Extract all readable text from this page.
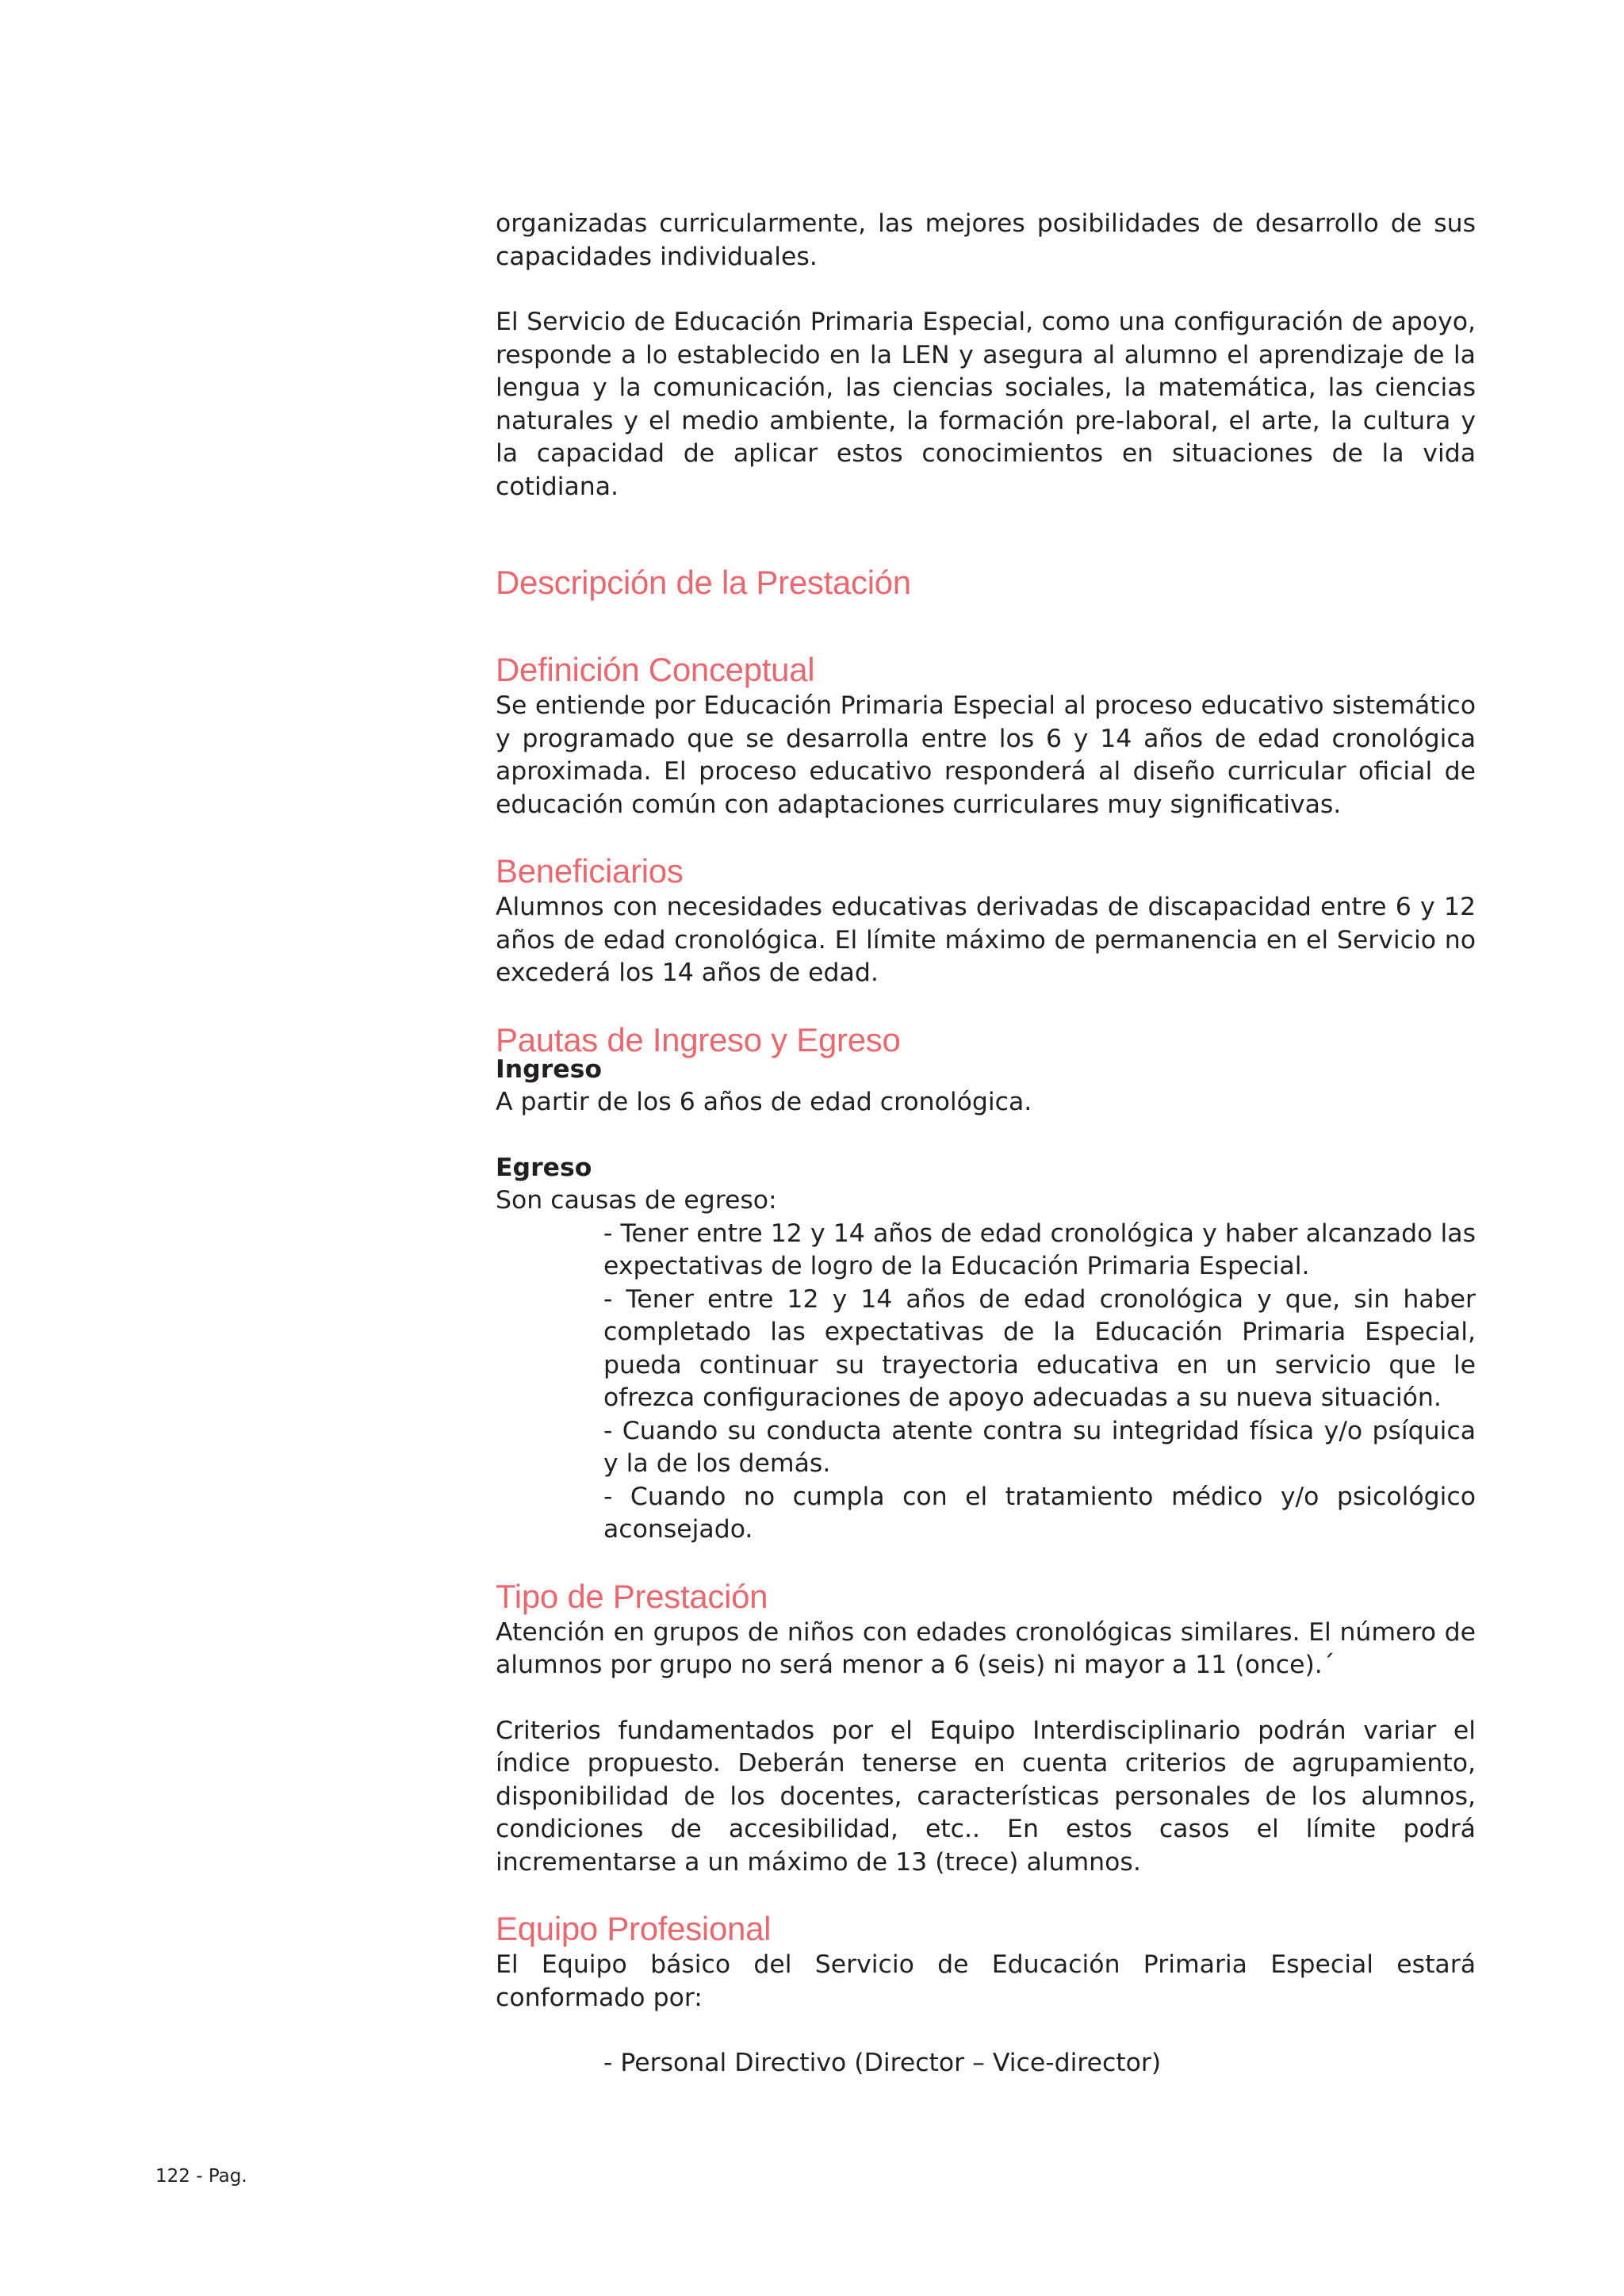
organizadas curricularmente, las mejores posibilidades de desarrollo de sus capacidades individuales.

El Servicio de Educación Primaria Especial, como una configuración de apoyo, responde a lo establecido en la LEN y asegura al alumno el aprendizaje de la lengua y la comunicación, las ciencias sociales, la matemática, las ciencias naturales y el medio ambiente, la formación pre-laboral, el arte, la cultura y la capacidad de aplicar estos conocimientos en situaciones de la vida cotidiana.

Descripción de la Prestación
Definición Conceptual

Se entiende por Educación Primaria Especial al proceso educativo sistemático y programado que se desarrolla entre los 6 y 14 años de edad cronológica aproximada. El proceso educativo responderá al diseño curricular oficial de educación común con adaptaciones curriculares muy significativas.

Beneficiarios

Alumnos con necesidades educativas derivadas de discapacidad entre 6 y 12 años de edad cronológica. El límite máximo de permanencia en el Servicio no excederá los 14 años de edad.

Pautas de Ingreso y Egreso
Ingreso

A partir de los 6 años de edad cronológica.

Egreso

Son causas de egreso:

- Tener entre 12 y 14 años de edad cronológica y haber alcanzado las expectativas de logro de la Educación Primaria Especial.

- Tener entre 12 y 14 años de edad cronológica y que, sin haber completado las expectativas de la Educación Primaria Especial, pueda continuar su trayectoria educativa en un servicio que le ofrezca configuraciones de apoyo adecuadas a su nueva situación.

- Cuando su conducta atente contra su integridad física y/o psíquica y la de los demás.

- Cuando no cumpla con el tratamiento médico y/o psicológico aconsejado.

Tipo de Prestación

Atención en grupos de niños con edades cronológicas similares. El número de alumnos por grupo no será menor a 6 (seis) ni mayor a 11 (once).´

Criterios fundamentados por el Equipo Interdisciplinario podrán variar el índice propuesto. Deberán tenerse en cuenta criterios de agrupamiento, disponibilidad de los docentes, características personales de los alumnos, condiciones de accesibilidad, etc.. En estos casos el límite podrá incrementarse a un máximo de 13 (trece) alumnos.

Equipo Profesional

El Equipo básico del Servicio de Educación Primaria Especial estará conformado por:

- Personal Directivo (Director – Vice-director)

122 - Pag.
